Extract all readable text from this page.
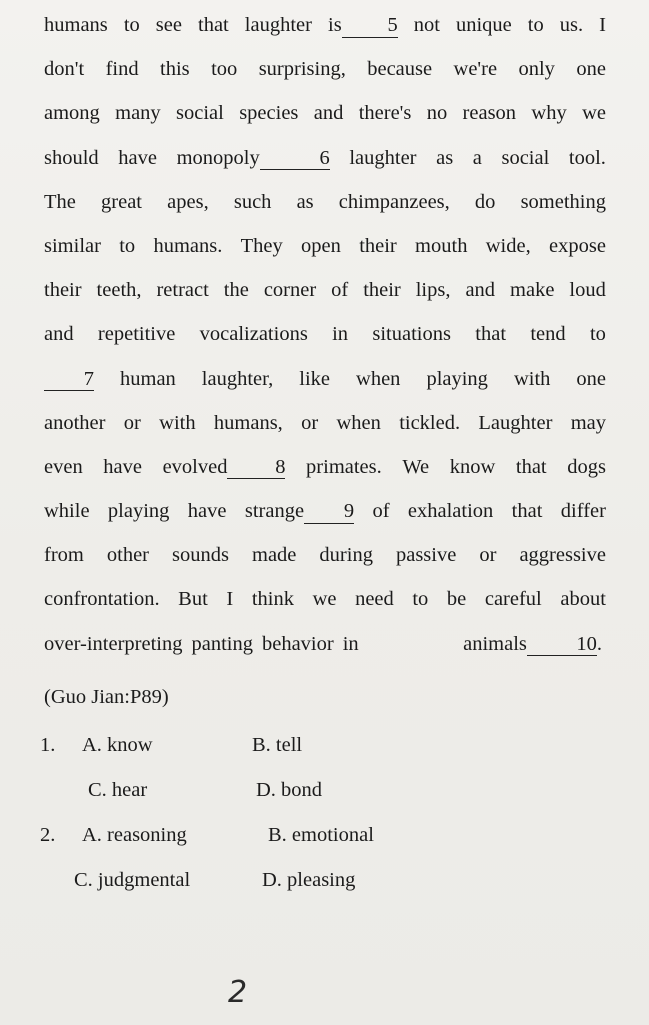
humans to see that laughter is 5 not unique to us. I
don't find this too surprising, because we're only one
among many social species and there's no reason why we
should have monopoly	6 laughter as a social tool.
The great apes, such as chimpanzees, do something
similar to humans. They open their mouth wide, expose
their teeth, retract the corner of their lips, and make loud
and repetitive vocalizations in situations that tend to
7 human laughter, like when playing with one
another or with humans, or when tickled. Laughter may
even have evolved 8 primates. We know that dogs
while playing have strange 9 of exhalation that differ
from other sounds made during passive or aggressive
confrontation. But I think we need to be careful about
over-interpreting panting behavior in	animals 10 .
(Guo Jian:P89)
1. A. know	B. tell
C. hear	D. bond
2. A. reasoning	B. emotional
C. judgmental	D. pleasing
2
